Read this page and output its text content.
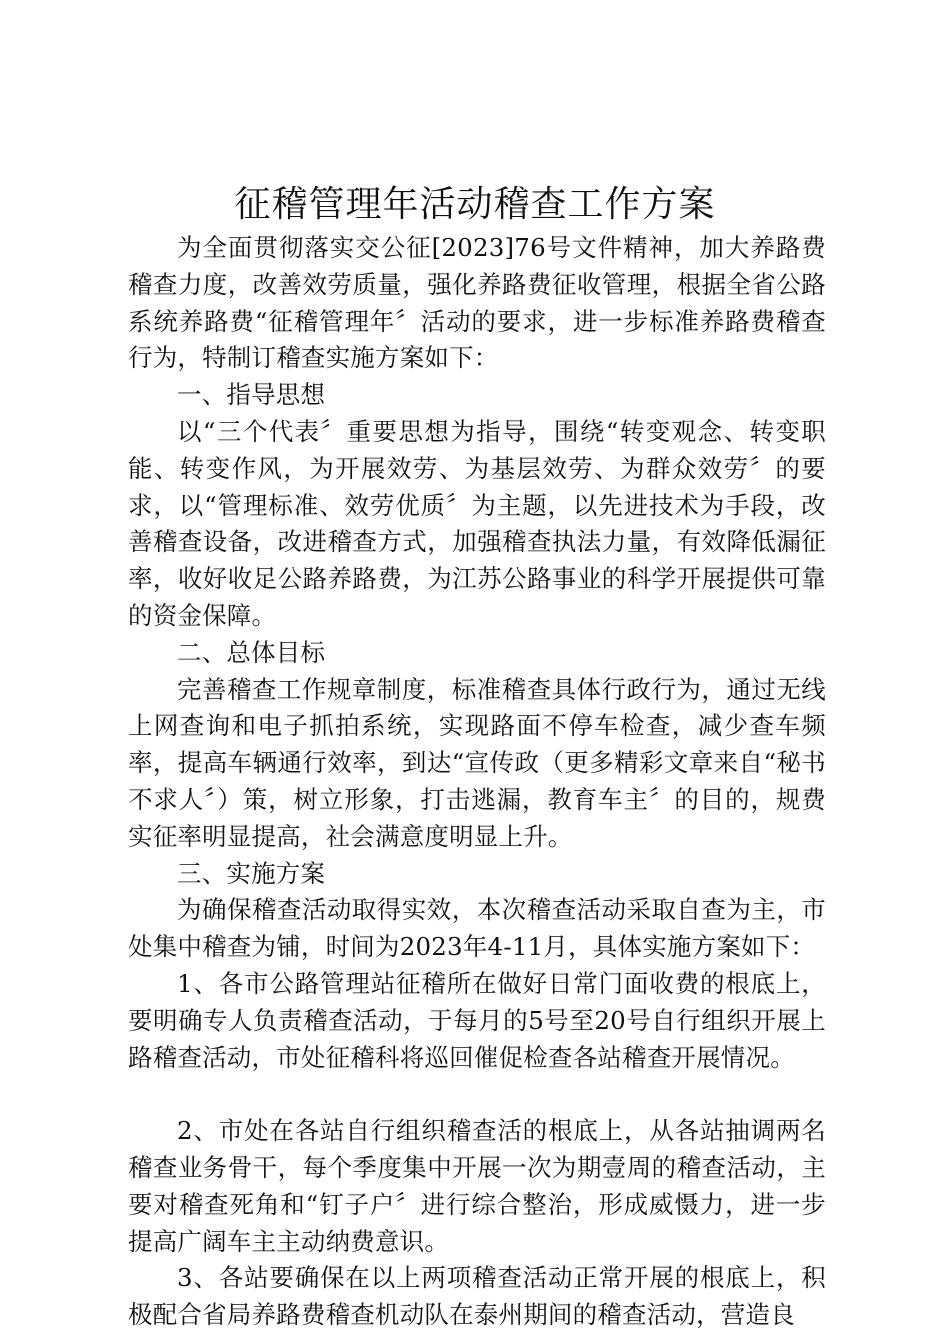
征稽管理年活动稽查工作方案

为全面贯彻落实交公征[2023]76号文件精神，加大养路费稽查力度，改善效劳质量，强化养路费征收管理，根据全省公路系统养路费“征稽管理年〞活动的要求，进一步标准养路费稽查行为，特制订稽查实施方案如下：

一、指导思想

以“三个代表〞重要思想为指导，围绕“转变观念、转变职能、转变作风，为开展效劳、为基层效劳、为群众效劳〞的要求，以“管理标准、效劳优质〞为主题，以先进技术为手段，改善稽查设备，改进稽查方式，加强稽查执法力量，有效降低漏征率，收好收足公路养路费，为江苏公路事业的科学开展提供可靠的资金保障。

二、总体目标

完善稽查工作规章制度，标准稽查具体行政行为，通过无线上网查询和电子抓拍系统，实现路面不停车检查，减少查车频率，提高车辆通行效率，到达“宣传政（更多精彩文章来自“秘书不求人〞）策，树立形象，打击逃漏，教育车主〞的目的，规费实征率明显提高，社会满意度明显上升。

三、实施方案

为确保稽查活动取得实效，本次稽查活动采取自查为主，市处集中稽查为铺，时间为2023年4-11月，具体实施方案如下：

1、各市公路管理站征稽所在做好日常门面收费的根底上，要明确专人负责稽查活动，于每月的5号至20号自行组织开展上路稽查活动，市处征稽科将巡回催促检查各站稽查开展情况。

2、市处在各站自行组织稽查活的根底上，从各站抽调两名稽查业务骨干，每个季度集中开展一次为期壹周的稽查活动，主要对稽查死角和“钉子户〞进行综合整治，形成威慑力，进一步提高广阔车主主动纳费意识。

3、各站要确保在以上两项稽查活动正常开展的根底上，积极配合省局养路费稽查机动队在泰州期间的稽查活动，营造良
